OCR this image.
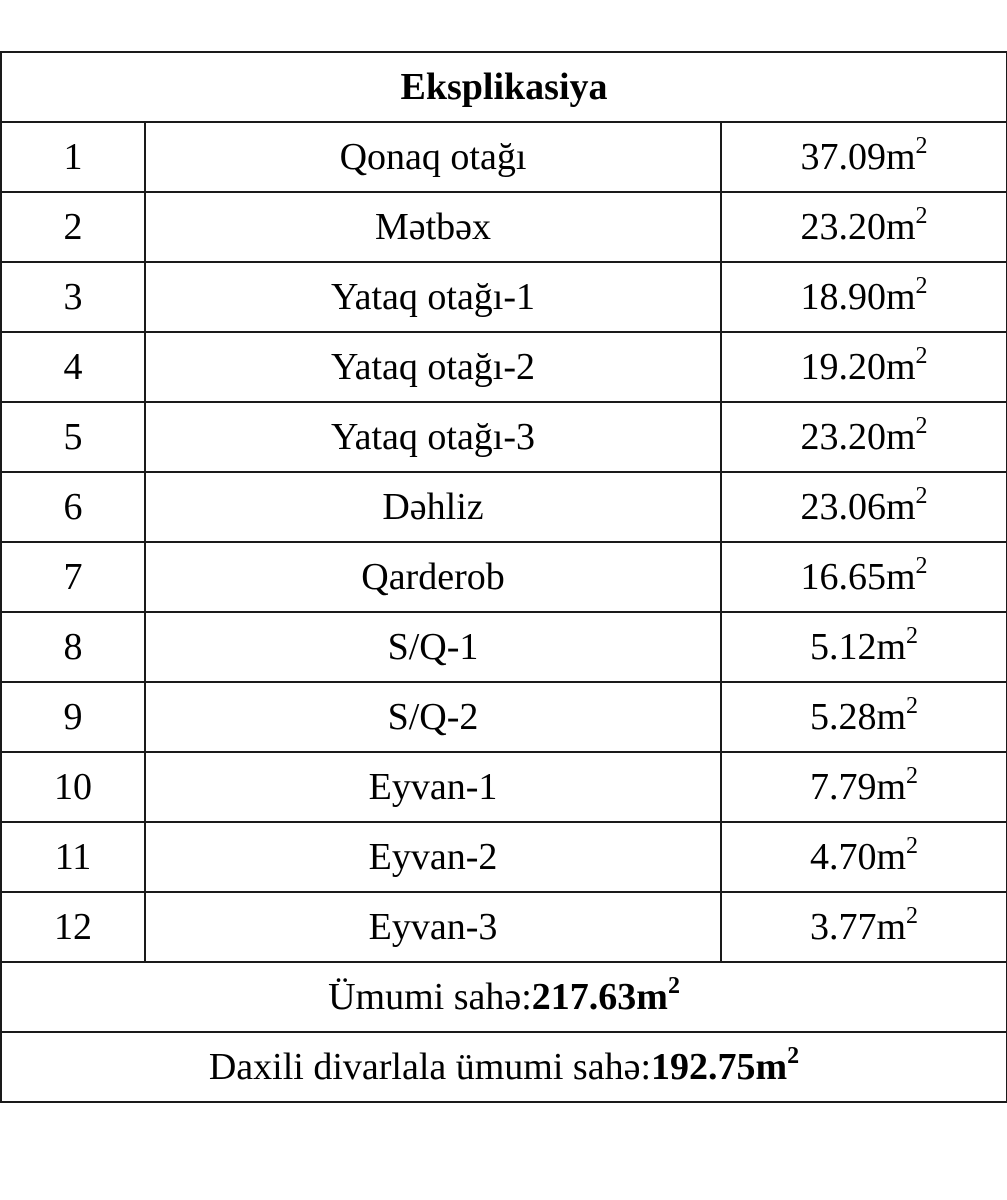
Eksplikasiya		
1	Qonaq otağı	$37.09m^2$
2	Mətbəx	$23.20m^2$
3	Yataq otağı-1	$18.90m^2$
4	Yataq otağı-2	$19.20m^2$
5	Yataq otağı-3	$23.20m^2$
6	Dəhliz	$23.06m^2$
7	Qarderob	$16.65m^2$
8	S/Q-1	$5.12m^2$
9	S/Q-2	$5.28m^2$
10	Eyvan-1	$7.79m^2$
11	Eyvan-2	$4.70m^2$
12	Eyvan-3	$3.77m^2$
Ümumi $sahə:217.63m^2$
Daxili divarlala ümumi $sahə:192.75m^2$
